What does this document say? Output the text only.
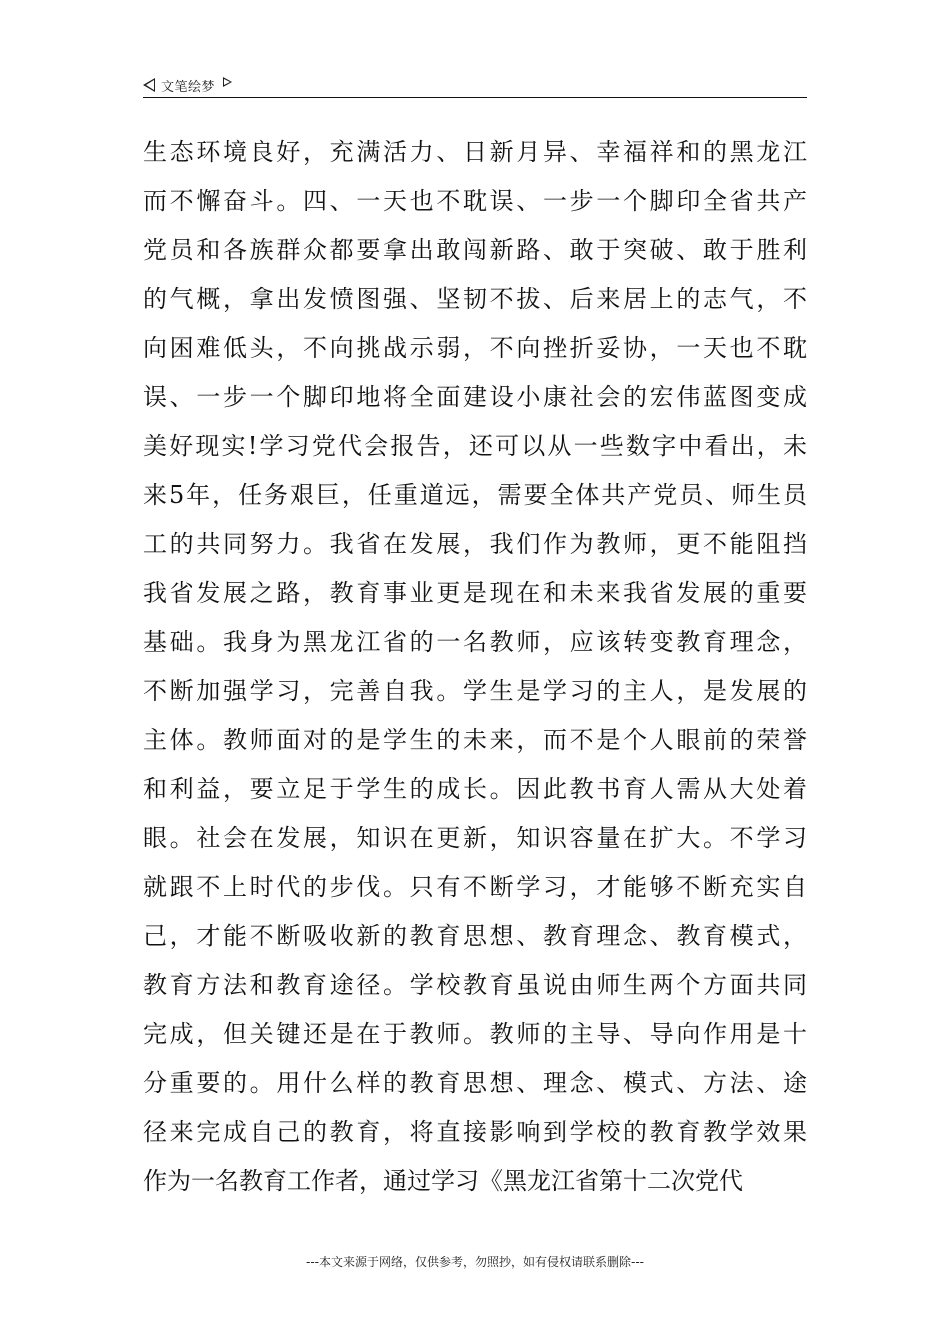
文笔绘梦
生态环境良好，充满活力、日新月异、幸福祥和的黑龙江
而不懈奋斗。四、一天也不耽误、一步一个脚印全省共产
党员和各族群众都要拿出敢闯新路、敢于突破、敢于胜利
的气概，拿出发愤图强、坚韧不拔、后来居上的志气，不
向困难低头，不向挑战示弱，不向挫折妥协，一天也不耽
误、一步一个脚印地将全面建设小康社会的宏伟蓝图变成
美好现实!学习党代会报告，还可以从一些数字中看出，未
来5年，任务艰巨，任重道远，需要全体共产党员、师生员
工的共同努力。我省在发展，我们作为教师，更不能阻挡
我省发展之路，教育事业更是现在和未来我省发展的重要
基础。我身为黑龙江省的一名教师，应该转变教育理念，
不断加强学习，完善自我。学生是学习的主人，是发展的
主体。教师面对的是学生的未来，而不是个人眼前的荣誉
和利益，要立足于学生的成长。因此教书育人需从大处着
眼。社会在发展，知识在更新，知识容量在扩大。不学习
就跟不上时代的步伐。只有不断学习，才能够不断充实自
己，才能不断吸收新的教育思想、教育理念、教育模式，
教育方法和教育途径。学校教育虽说由师生两个方面共同
完成，但关键还是在于教师。教师的主导、导向作用是十
分重要的。用什么样的教育思想、理念、模式、方法、途
径来完成自己的教育，将直接影响到学校的教育教学效果
作为一名教育工作者，通过学习《黑龙江省第十二次党代
---本文来源于网络，仅供参考，勿照抄，如有侵权请联系删除---
